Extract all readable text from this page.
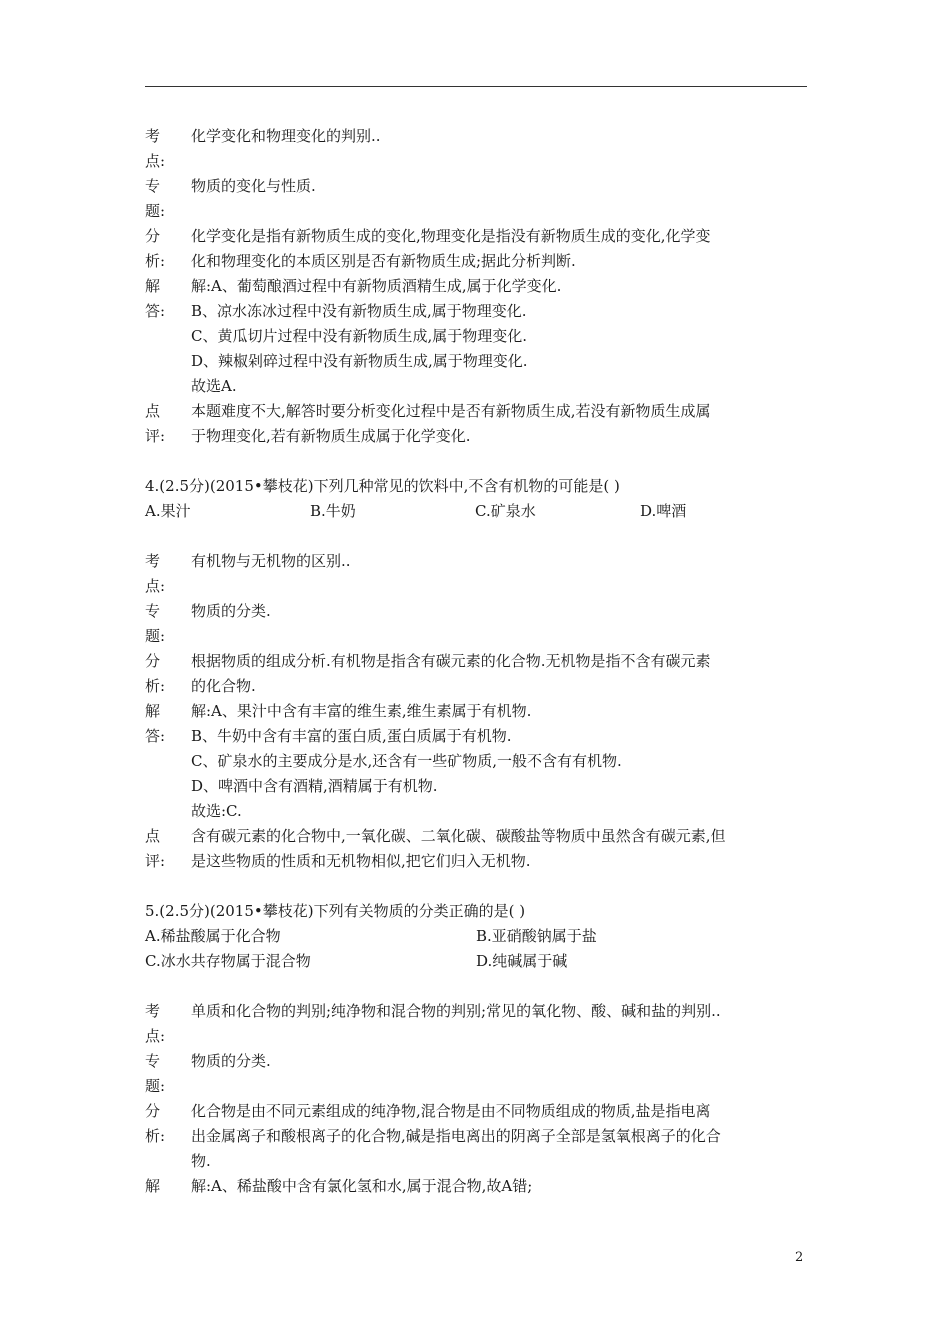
考	化学变化和物理变化的判别..
点:
专	物质的变化与性质.
题:
分	化学变化是指有新物质生成的变化,物理变化是指没有新物质生成的变化,化学变
析:	化和物理变化的本质区别是否有新物质生成;据此分析判断.
解	解:A、葡萄酿酒过程中有新物质酒精生成,属于化学变化.
答:	B、凉水冻冰过程中没有新物质生成,属于物理变化.
C、黄瓜切片过程中没有新物质生成,属于物理变化.
D、辣椒剁碎过程中没有新物质生成,属于物理变化.
故选A.
点	本题难度不大,解答时要分析变化过程中是否有新物质生成,若没有新物质生成属
评:	于物理变化,若有新物质生成属于化学变化.
4.(2.5分)(2015•攀枝花)下列几种常见的饮料中,不含有机物的可能是( )
A.果汁	B.牛奶	C.矿泉水	D.啤酒
考	有机物与无机物的区别..
点:
专	物质的分类.
题:
分	根据物质的组成分析.有机物是指含有碳元素的化合物.无机物是指不含有碳元素
析:	的化合物.
解	解:A、果汁中含有丰富的维生素,维生素属于有机物.
答:	B、牛奶中含有丰富的蛋白质,蛋白质属于有机物.
C、矿泉水的主要成分是水,还含有一些矿物质,一般不含有有机物.
D、啤酒中含有酒精,酒精属于有机物.
故选:C.
点	含有碳元素的化合物中,一氧化碳、二氧化碳、碳酸盐等物质中虽然含有碳元素,但
评:	是这些物质的性质和无机物相似,把它们归入无机物.
5.(2.5分)(2015•攀枝花)下列有关物质的分类正确的是( )
A.稀盐酸属于化合物	B.亚硝酸钠属于盐
C.冰水共存物属于混合物	D.纯碱属于碱
考	单质和化合物的判别;纯净物和混合物的判别;常见的氧化物、酸、碱和盐的判别..
点:
专	物质的分类.
题:
分	化合物是由不同元素组成的纯净物,混合物是由不同物质组成的物质,盐是指电离
析:	出金属离子和酸根离子的化合物,碱是指电离出的阴离子全部是氢氧根离子的化合
物.
解	解:A、稀盐酸中含有氯化氢和水,属于混合物,故A错;
2
